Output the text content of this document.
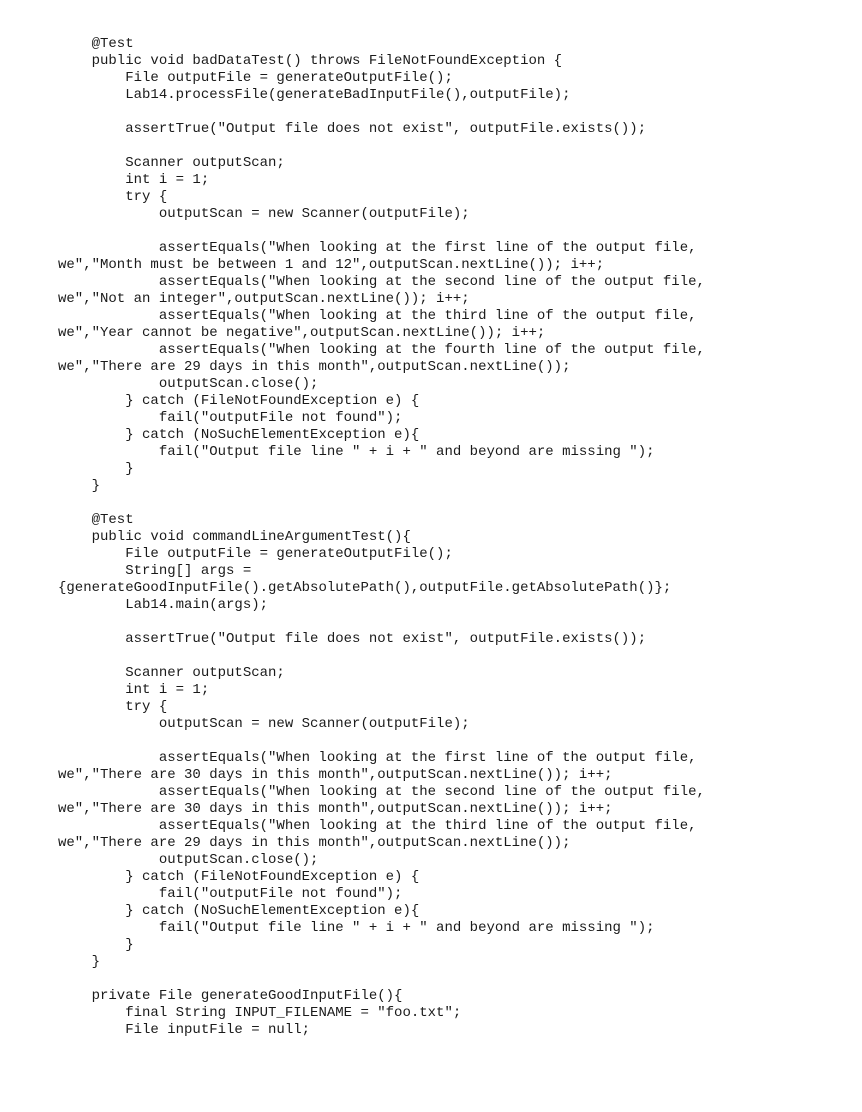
@Test
public void badDataTest() throws FileNotFoundException {
File outputFile = generateOutputFile();
Lab14.processFile(generateBadInputFile(),outputFile);
assertTrue("Output file does not exist", outputFile.exists());
Scanner outputScan;
int i = 1;
try {
outputScan = new Scanner(outputFile);
assertEquals("When looking at the first line of the output file,
we","Month must be between 1 and 12",outputScan.nextLine()); i++;
assertEquals("When looking at the second line of the output file,
we","Not an integer",outputScan.nextLine()); i++;
assertEquals("When looking at the third line of the output file,
we","Year cannot be negative",outputScan.nextLine()); i++;
assertEquals("When looking at the fourth line of the output file,
we","There are 29 days in this month",outputScan.nextLine());
outputScan.close();
} catch (FileNotFoundException e) {
fail("outputFile not found");
} catch (NoSuchElementException e){
fail("Output file line " + i + " and beyond are missing ");
}
}
@Test
public void commandLineArgumentTest(){
File outputFile = generateOutputFile();
String[] args =
{generateGoodInputFile().getAbsolutePath(),outputFile.getAbsolutePath()};
Lab14.main(args);
assertTrue("Output file does not exist", outputFile.exists());
Scanner outputScan;
int i = 1;
try {
outputScan = new Scanner(outputFile);
assertEquals("When looking at the first line of the output file,
we","There are 30 days in this month",outputScan.nextLine()); i++;
assertEquals("When looking at the second line of the output file,
we","There are 30 days in this month",outputScan.nextLine()); i++;
assertEquals("When looking at the third line of the output file,
we","There are 29 days in this month",outputScan.nextLine());
outputScan.close();
} catch (FileNotFoundException e) {
fail("outputFile not found");
} catch (NoSuchElementException e){
fail("Output file line " + i + " and beyond are missing ");
}
}
private File generateGoodInputFile(){
final String INPUT_FILENAME = "foo.txt";
File inputFile = null;
